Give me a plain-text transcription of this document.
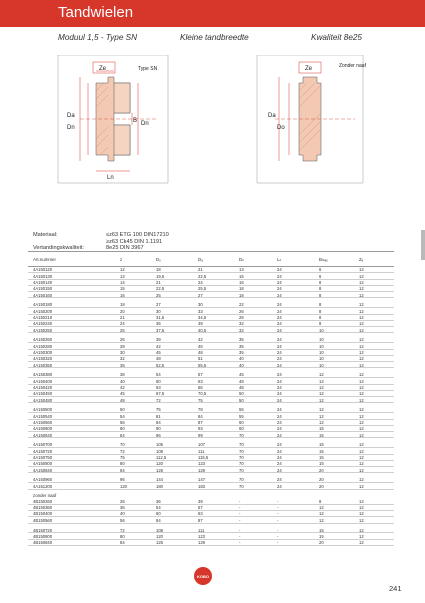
Tandwielen
Moduul 1,5 - Type SN	Kleine tandbreedte	Kwaliteit 8e25
Ze	Type SN
Da
Dn
B Dn
Ln
Ze	Zonder naaf
Da
Do
Materiaal:	≤z63 ETG 100 DIN17210
≥z63 Ck45 DIN 1.1191
Vertandingskwaliteit:	8e25 DIN 3967
Art.nummer	z	Dₒ	Dₐ	Dₙ	Lₙ	Bₘₐₓ	Zₑ
4A150120	12	18	21	13	24	6	12
4A150130	13	19,5	22,5	15	24	6	12
4A150140	14	21	24	16	24	8	12
4A150150	15	22,5	25,5	18	24	8	12
4A150160	16	25	27	18	24	8	12
4A150180	18	27	30	22	24	8	12
4A150200	20	30	33	26	24	8	12
4A150210	21	31,5	34,5	26	24	8	12
4A150240	24	36	39	32	24	8	12
4A150250	25	37,5	40,5	32	24	10	12
4A150260	26	39	42	35	24	10	12
4A150280	28	42	45	35	24	10	12
4A150300	30	45	48	35	24	10	12
4A150320	32	48	51	40	24	10	12
4A150350	35	52,5	55,5	40	24	10	12
4A150380	38	54	57	45	24	12	12
4A150400	40	60	63	48	24	12	12
4A150420	42	63	66	48	24	12	12
4A150450	45	67,5	70,5	50	24	12	12
4A150480	48	72	75	50	24	12	12
4A150500	50	75	78	55	24	12	12
4A150540	54	81	84	55	24	12	12
4A150560	56	84	87	60	24	12	12
4A150600	60	90	93	60	24	15	12
4A150640	64	96	99	70	24	15	12
4A150700	70	105	107	70	24	15	12
4A150720	72	108	111	70	24	15	12
4A150750	75	112,5	115,5	70	24	15	12
4A150800	80	120	123	70	24	15	12
4A150840	84	126	129	70	24	20	12
4A150960	96	144	147	70	24	20	12
4A151200	120	180	183	70	24	20	12
zonder naaf
4B150260	26	36	39	-	-	8	12
4B150360	36	54	57	-	-	12	12
4B150400	40	60	63	-	-	12	12
4B150560	56	84	87	-	-	12	12
4B150720	72	108	111	-	-	15	12
4B150800	80	120	123	-	-	15	12
4B150840	84	126	129	-	-	20	12
KOBO
241
